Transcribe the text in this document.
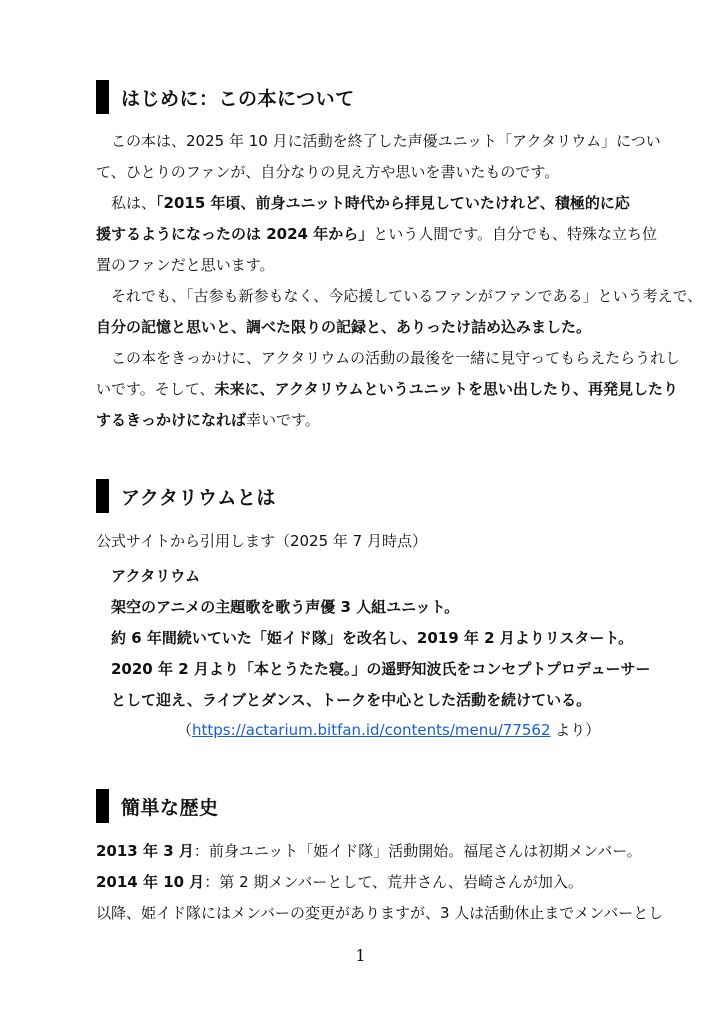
はじめに：この本について
この本は、2025 年 10 月に活動を終了した声優ユニット「アクタリウム」につい
て、ひとりのファンが、自分なりの見え方や思いを書いたものです。
私は、「2015 年頃、前身ユニット時代から拝見していたけれど、積極的に応
援するようになったのは 2024 年から」という人間です。自分でも、特殊な立ち位
置のファンだと思います。
それでも、「古参も新参もなく、今応援しているファンがファンである」という考えで、
自分の記憶と思いと、調べた限りの記録と、ありったけ詰め込みました。
この本をきっかけに、アクタリウムの活動の最後を一緒に見守ってもらえたらうれし
いです。そして、未来に、アクタリウムというユニットを思い出したり、再発見したり
するきっかけになれば幸いです。
アクタリウムとは
公式サイトから引用します（2025 年 7 月時点）
アクタリウム
架空のアニメの主題歌を歌う声優 3 人組ユニット。
約 6 年間続いていた「姫イド隊」を改名し、2019 年 2 月よりリスタート。
2020 年 2 月より「本とうたた寝。」の遥野知波氏をコンセプトプロデューサー
として迎え、ライブとダンス、トークを中心とした活動を続けている。
（https://actarium.bitfan.id/contents/menu/77562 より）
簡単な歴史
2013 年 3 月：前身ユニット「姫イド隊」活動開始。福尾さんは初期メンバー。
2014 年 10 月：第 2 期メンバーとして、荒井さん、岩崎さんが加入。
以降、姫イド隊にはメンバーの変更がありますが、3 人は活動休止までメンバーとし
1
